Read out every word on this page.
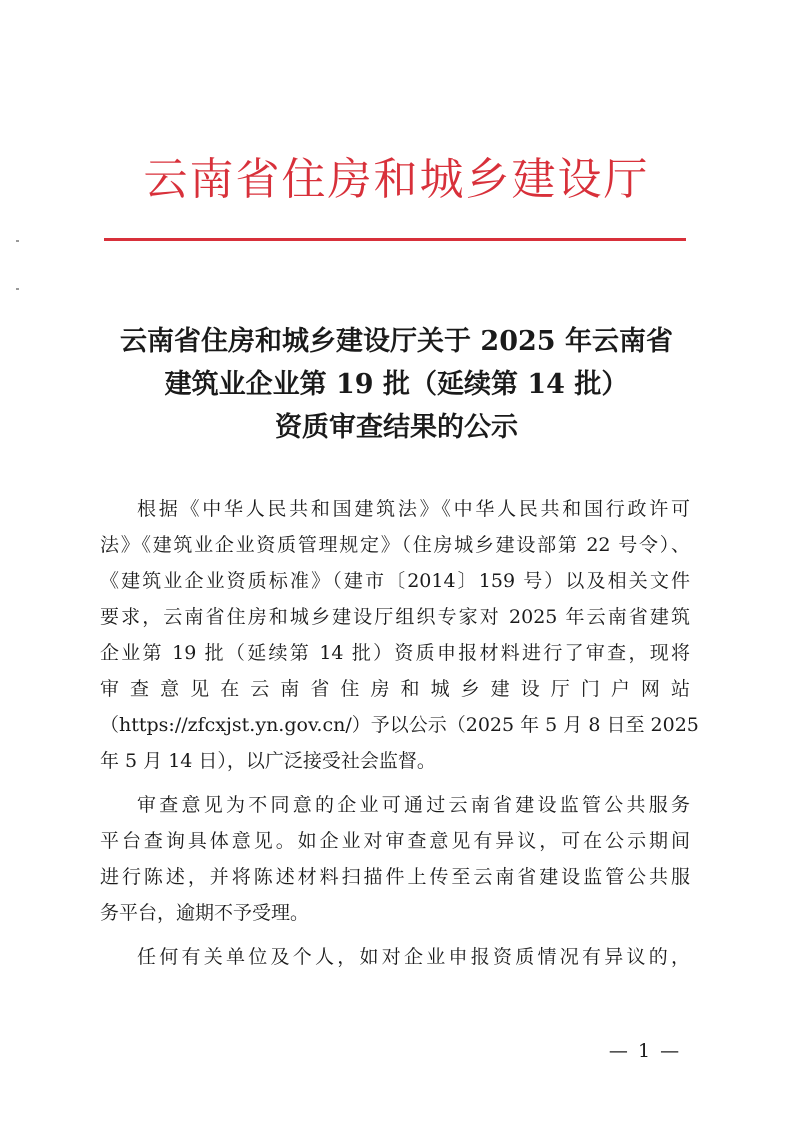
云南省住房和城乡建设厅
云南省住房和城乡建设厅关于 2025 年云南省
建筑业企业第 19 批（延续第 14 批）
资质审查结果的公示
根据《中华人民共和国建筑法》《中华人民共和国行政许可
法》《建筑业企业资质管理规定》（住房城乡建设部第 22 号令）、
《建筑业企业资质标准》（建市〔2014〕159 号）以及相关文件
要求，云南省住房和城乡建设厅组织专家对 2025 年云南省建筑
企业第 19 批（延续第 14 批）资质申报材料进行了审查，现将
审查意见在云南省住房和城乡建设厅门户网站
（https://zfcxjst.yn.gov.cn/）予以公示（2025 年 5 月 8 日至 2025
年 5 月 14 日），以广泛接受社会监督。
审查意见为不同意的企业可通过云南省建设监管公共服务
平台查询具体意见。如企业对审查意见有异议，可在公示期间
进行陈述，并将陈述材料扫描件上传至云南省建设监管公共服
务平台，逾期不予受理。
任何有关单位及个人，如对企业申报资质情况有异议的，
— 1 —
